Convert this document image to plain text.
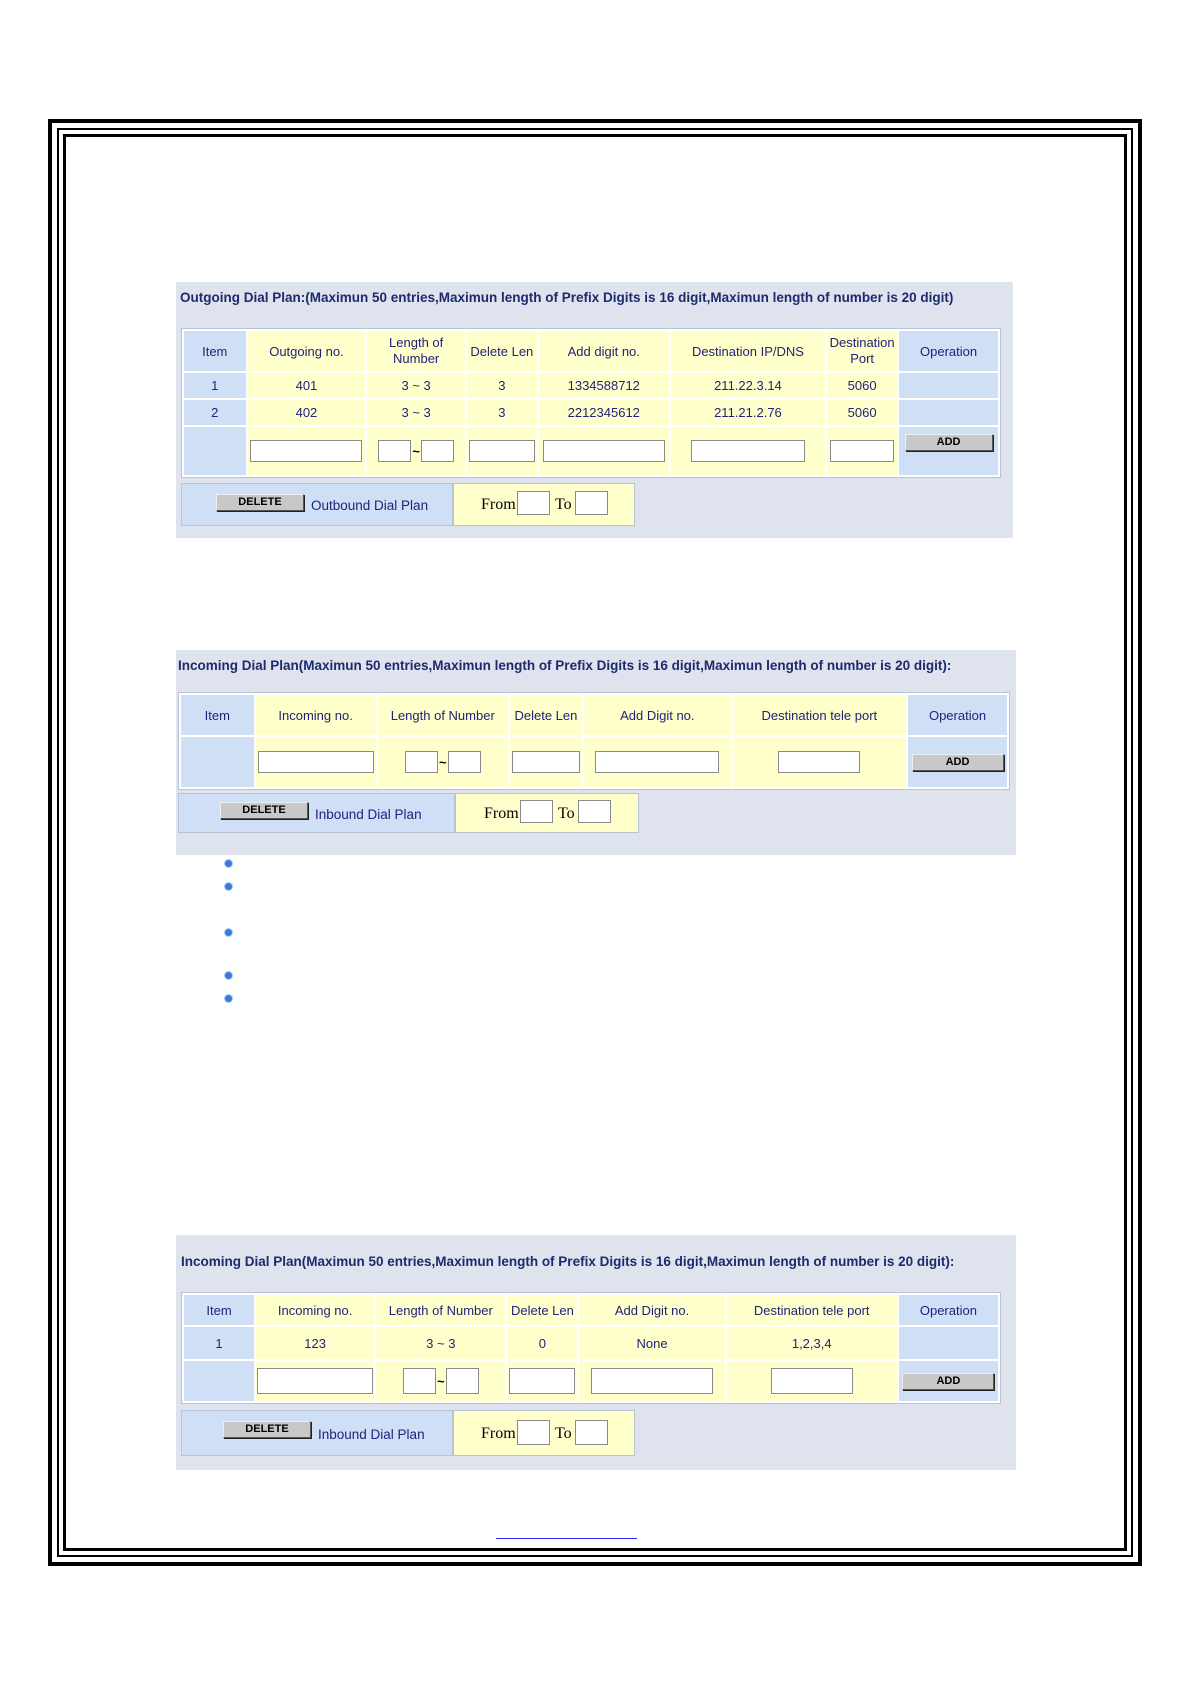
Outgoing Dial Plan:(Maximun 50 entries,Maximun length of Prefix Digits is 16 digit,Maximun length of number is 20 digit)
Item	Outgoing no.	Length of Number	Delete Len	Add digit no.	Destination IP/DNS	Destination Port	Operation
1	401	3 ~ 3	3	1334588712	211.22.3.14	5060	
2	402	3 ~ 3	3	2212345612	211.21.2.76	5060	
		~					ADD
DELETE	Outbound Dial Plan	From To
Incoming Dial Plan(Maximun 50 entries,Maximun length of Prefix Digits is 16 digit,Maximun length of number is 20 digit):
Item	Incoming no.	Length of Number	Delete Len	Add Digit no.	Destination tele port	Operation
		~				ADD
DELETE	Inbound Dial Plan	From To
Incoming Dial Plan(Maximun 50 entries,Maximun length of Prefix Digits is 16 digit,Maximun length of number is 20 digit):
Item	Incoming no.	Length of Number	Delete Len	Add Digit no.	Destination tele port	Operation
1	123	3 ~ 3	0	None	1,2,3,4	
		~				ADD
DELETE	Inbound Dial Plan	From To
